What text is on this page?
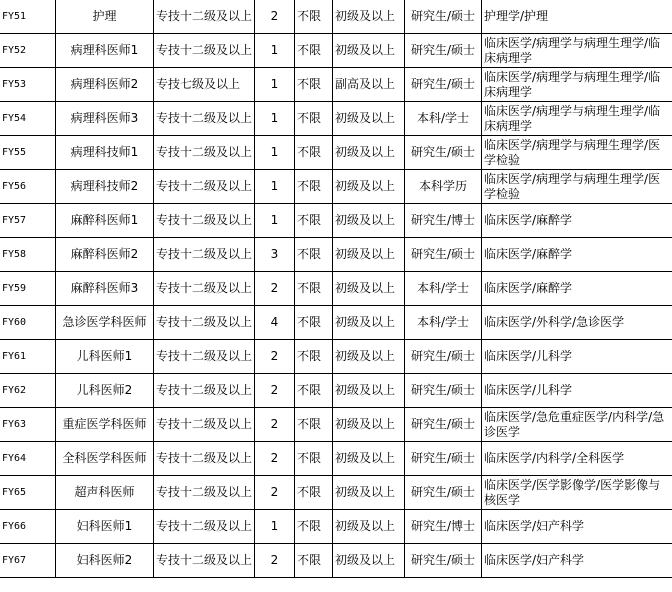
FY51	护理	专技十二级及以上	2	不限	初级及以上	研究生/硕士	护理学/护理
FY52	病理科医师1	专技十二级及以上	1	不限	初级及以上	研究生/硕士	临床医学/病理学与病理生理学/临床病理学
FY53	病理科医师2	专技七级及以上	1	不限	副高及以上	研究生/硕士	临床医学/病理学与病理生理学/临床病理学
FY54	病理科医师3	专技十二级及以上	1	不限	初级及以上	本科/学士	临床医学/病理学与病理生理学/临床病理学
FY55	病理科技师1	专技十二级及以上	1	不限	初级及以上	研究生/硕士	临床医学/病理学与病理生理学/医学检验
FY56	病理科技师2	专技十二级及以上	1	不限	初级及以上	本科学历	临床医学/病理学与病理生理学/医学检验
FY57	麻醉科医师1	专技十二级及以上	1	不限	初级及以上	研究生/博士	临床医学/麻醉学
FY58	麻醉科医师2	专技十二级及以上	3	不限	初级及以上	研究生/硕士	临床医学/麻醉学
FY59	麻醉科医师3	专技十二级及以上	2	不限	初级及以上	本科/学士	临床医学/麻醉学
FY60	急诊医学科医师	专技十二级及以上	4	不限	初级及以上	本科/学士	临床医学/外科学/急诊医学
FY61	儿科医师1	专技十二级及以上	2	不限	初级及以上	研究生/硕士	临床医学/儿科学
FY62	儿科医师2	专技十二级及以上	2	不限	初级及以上	研究生/硕士	临床医学/儿科学
FY63	重症医学科医师	专技十二级及以上	2	不限	初级及以上	研究生/硕士	临床医学/急危重症医学/内科学/急诊医学
FY64	全科医学科医师	专技十二级及以上	2	不限	初级及以上	研究生/硕士	临床医学/内科学/全科医学
FY65	超声科医师	专技十二级及以上	2	不限	初级及以上	研究生/硕士	临床医学/医学影像学/医学影像与核医学
FY66	妇科医师1	专技十二级及以上	1	不限	初级及以上	研究生/博士	临床医学/妇产科学
FY67	妇科医师2	专技十二级及以上	2	不限	初级及以上	研究生/硕士	临床医学/妇产科学
